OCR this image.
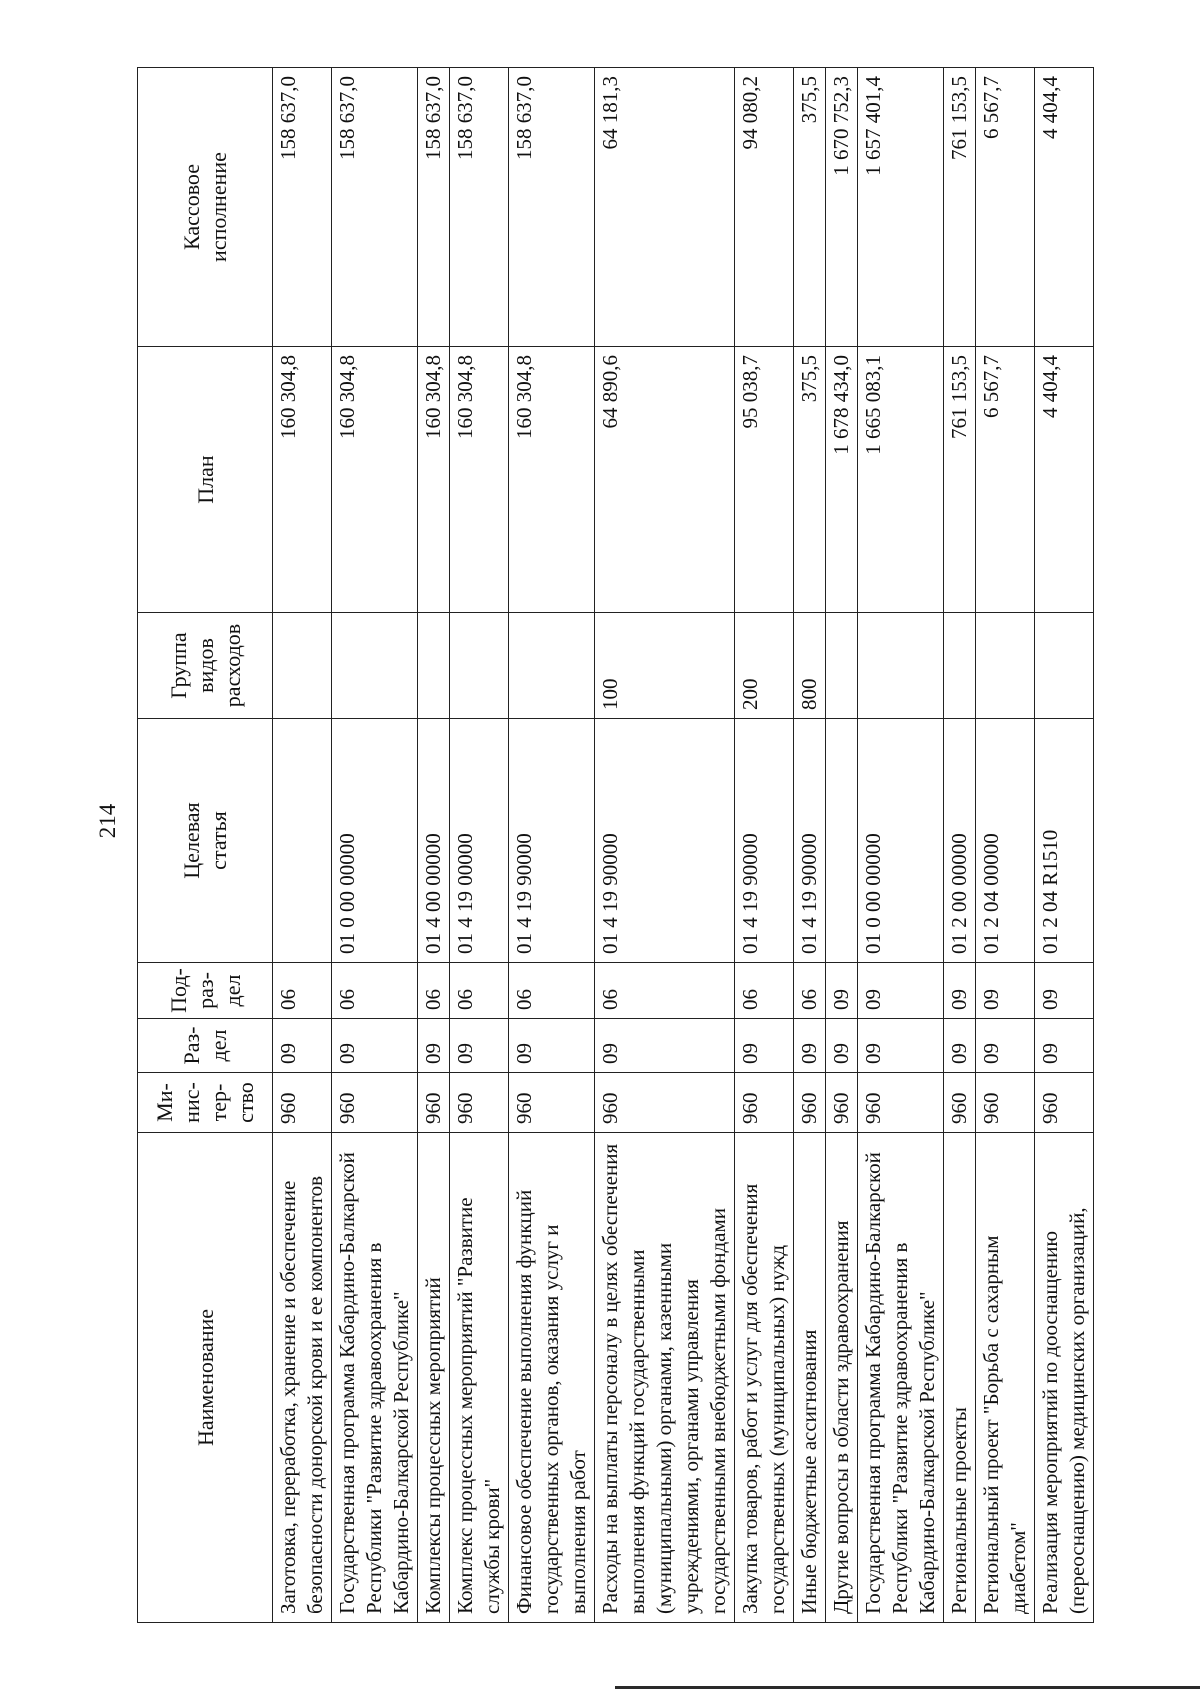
214
Наименование	Ми-
нис-
тер-
ство	Раз-
дел	Под-
раз-
дел	Целевая
статья	Группа
видов
расходов	План	Кассовое
исполнение
Заготовка, переработка, хранение и обеспечение безопасности донорской крови и ее компонентов	960	09	06			160 304,8	158 637,0
Государственная программа Кабардино-Балкарской Республики "Развитие здравоохранения в Кабардино-Балкарской Республике"	960	09	06	01 0 00 00000		160 304,8	158 637,0
Комплексы процессных мероприятий	960	09	06	01 4 00 00000		160 304,8	158 637,0
Комплекс процессных мероприятий "Развитие службы крови"	960	09	06	01 4 19 00000		160 304,8	158 637,0
Финансовое обеспечение выполнения функций государственных органов, оказания услуг и выполнения работ	960	09	06	01 4 19 90000		160 304,8	158 637,0
Расходы на выплаты персоналу в целях обеспечения выполнения функций государственными (муниципальными) органами, казенными учреждениями, органами управления государственными внебюджетными фондами	960	09	06	01 4 19 90000	100	64 890,6	64 181,3
Закупка товаров, работ и услуг для обеспечения государственных (муниципальных) нужд	960	09	06	01 4 19 90000	200	95 038,7	94 080,2
Иные бюджетные ассигнования	960	09	06	01 4 19 90000	800	375,5	375,5
Другие вопросы в области здравоохранения	960	09	09			1 678 434,0	1 670 752,3
Государственная программа Кабардино-Балкарской Республики "Развитие здравоохранения в Кабардино-Балкарской Республике"	960	09	09	01 0 00 00000		1 665 083,1	1 657 401,4
Региональные проекты	960	09	09	01 2 00 00000		761 153,5	761 153,5
Региональный проект "Борьба с сахарным диабетом"	960	09	09	01 2 04 00000		6 567,7	6 567,7
Реализация мероприятий по дооснащению (переоснащению) медицинских организаций,	960	09	09	01 2 04 R1510		4 404,4	4 404,4
